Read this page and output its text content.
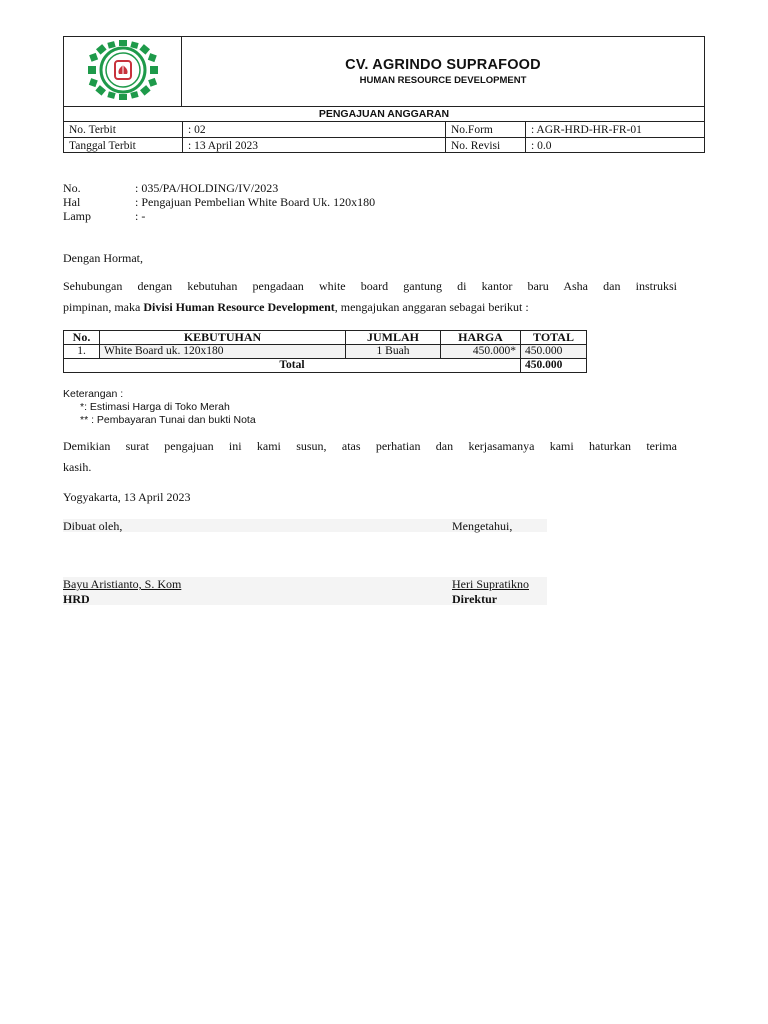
CV. AGRINDO SUPRAFOOD
HUMAN RESOURCE DEVELOPMENT
PENGAJUAN ANGGARAN
No. Terbit	: 02	No.Form	: AGR-HRD-HR-FR-01
Tanggal Terbit	: 13 April 2023	No. Revisi	: 0.0
No.	: 035/PA/HOLDING/IV/2023
Hal	: Pengajuan Pembelian White Board Uk. 120x180
Lamp	: -
Dengan Hormat,
Sehubungan dengan kebutuhan pengadaan white board gantung di kantor baru Asha dan instruksi
pimpinan, maka Divisi Human Resource Development, mengajukan anggaran sebagai berikut :
No.	KEBUTUHAN	JUMLAH	HARGA	TOTAL
1.	White Board uk. 120x180	1 Buah	450.000*	450.000
Total				450.000
Keterangan :
*: Estimasi Harga di Toko Merah
** : Pembayaran Tunai dan bukti Nota
Demikian surat pengajuan ini kami susun, atas perhatian dan kerjasamanya kami haturkan terima
kasih.
Yogyakarta, 13 April 2023
Dibuat oleh,	Mengetahui,
Bayu Aristianto, S. Kom	Heri Supratikno
HRD	Direktur
